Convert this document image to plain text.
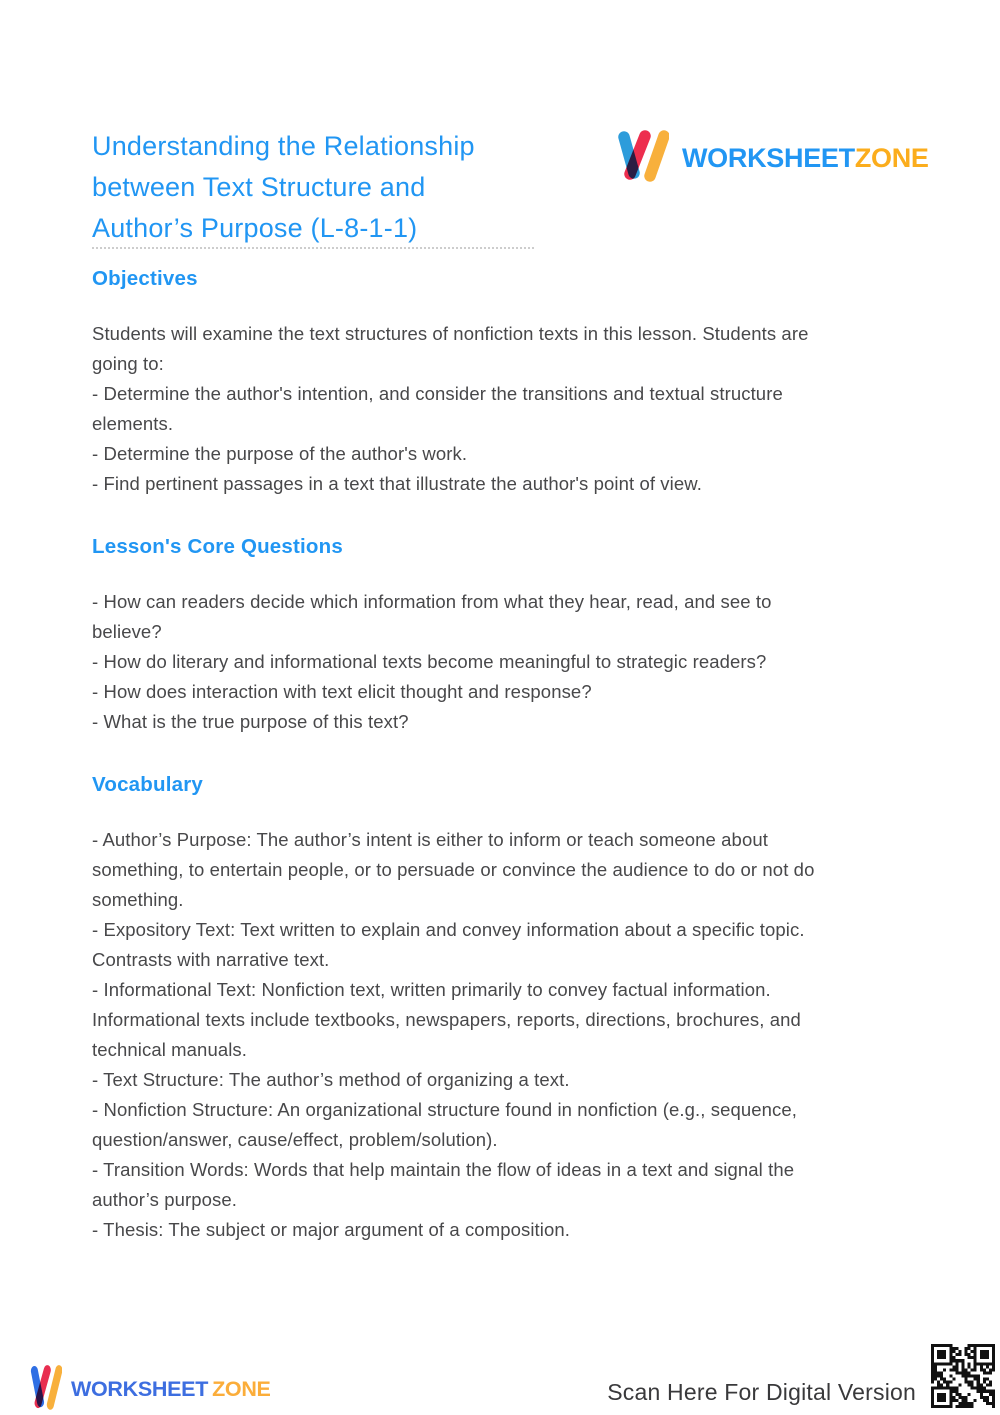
Understanding the Relationship
between Text Structure and
Author’s Purpose (L-8-1-1)
WORKSHEETZONE
Objectives
Students will examine the text structures of nonfiction texts in this lesson. Students are
going to:
- Determine the author's intention, and consider the transitions and textual structure
elements.
- Determine the purpose of the author's work.
- Find pertinent passages in a text that illustrate the author's point of view.
Lesson's Core Questions
- How can readers decide which information from what they hear, read, and see to
believe?
- How do literary and informational texts become meaningful to strategic readers?
- How does interaction with text elicit thought and response?
- What is the true purpose of this text?
Vocabulary
- Author’s Purpose: The author’s intent is either to inform or teach someone about
something, to entertain people, or to persuade or convince the audience to do or not do
something.
- Expository Text: Text written to explain and convey information about a specific topic.
Contrasts with narrative text.
- Informational Text: Nonfiction text, written primarily to convey factual information.
Informational texts include textbooks, newspapers, reports, directions, brochures, and
technical manuals.
- Text Structure: The author’s method of organizing a text.
- Nonfiction Structure: An organizational structure found in nonfiction (e.g., sequence,
question/answer, cause/effect, problem/solution).
- Transition Words: Words that help maintain the flow of ideas in a text and signal the
author’s purpose.
- Thesis: The subject or major argument of a composition.
WORKSHEET ZONE	Scan Here For Digital Version
